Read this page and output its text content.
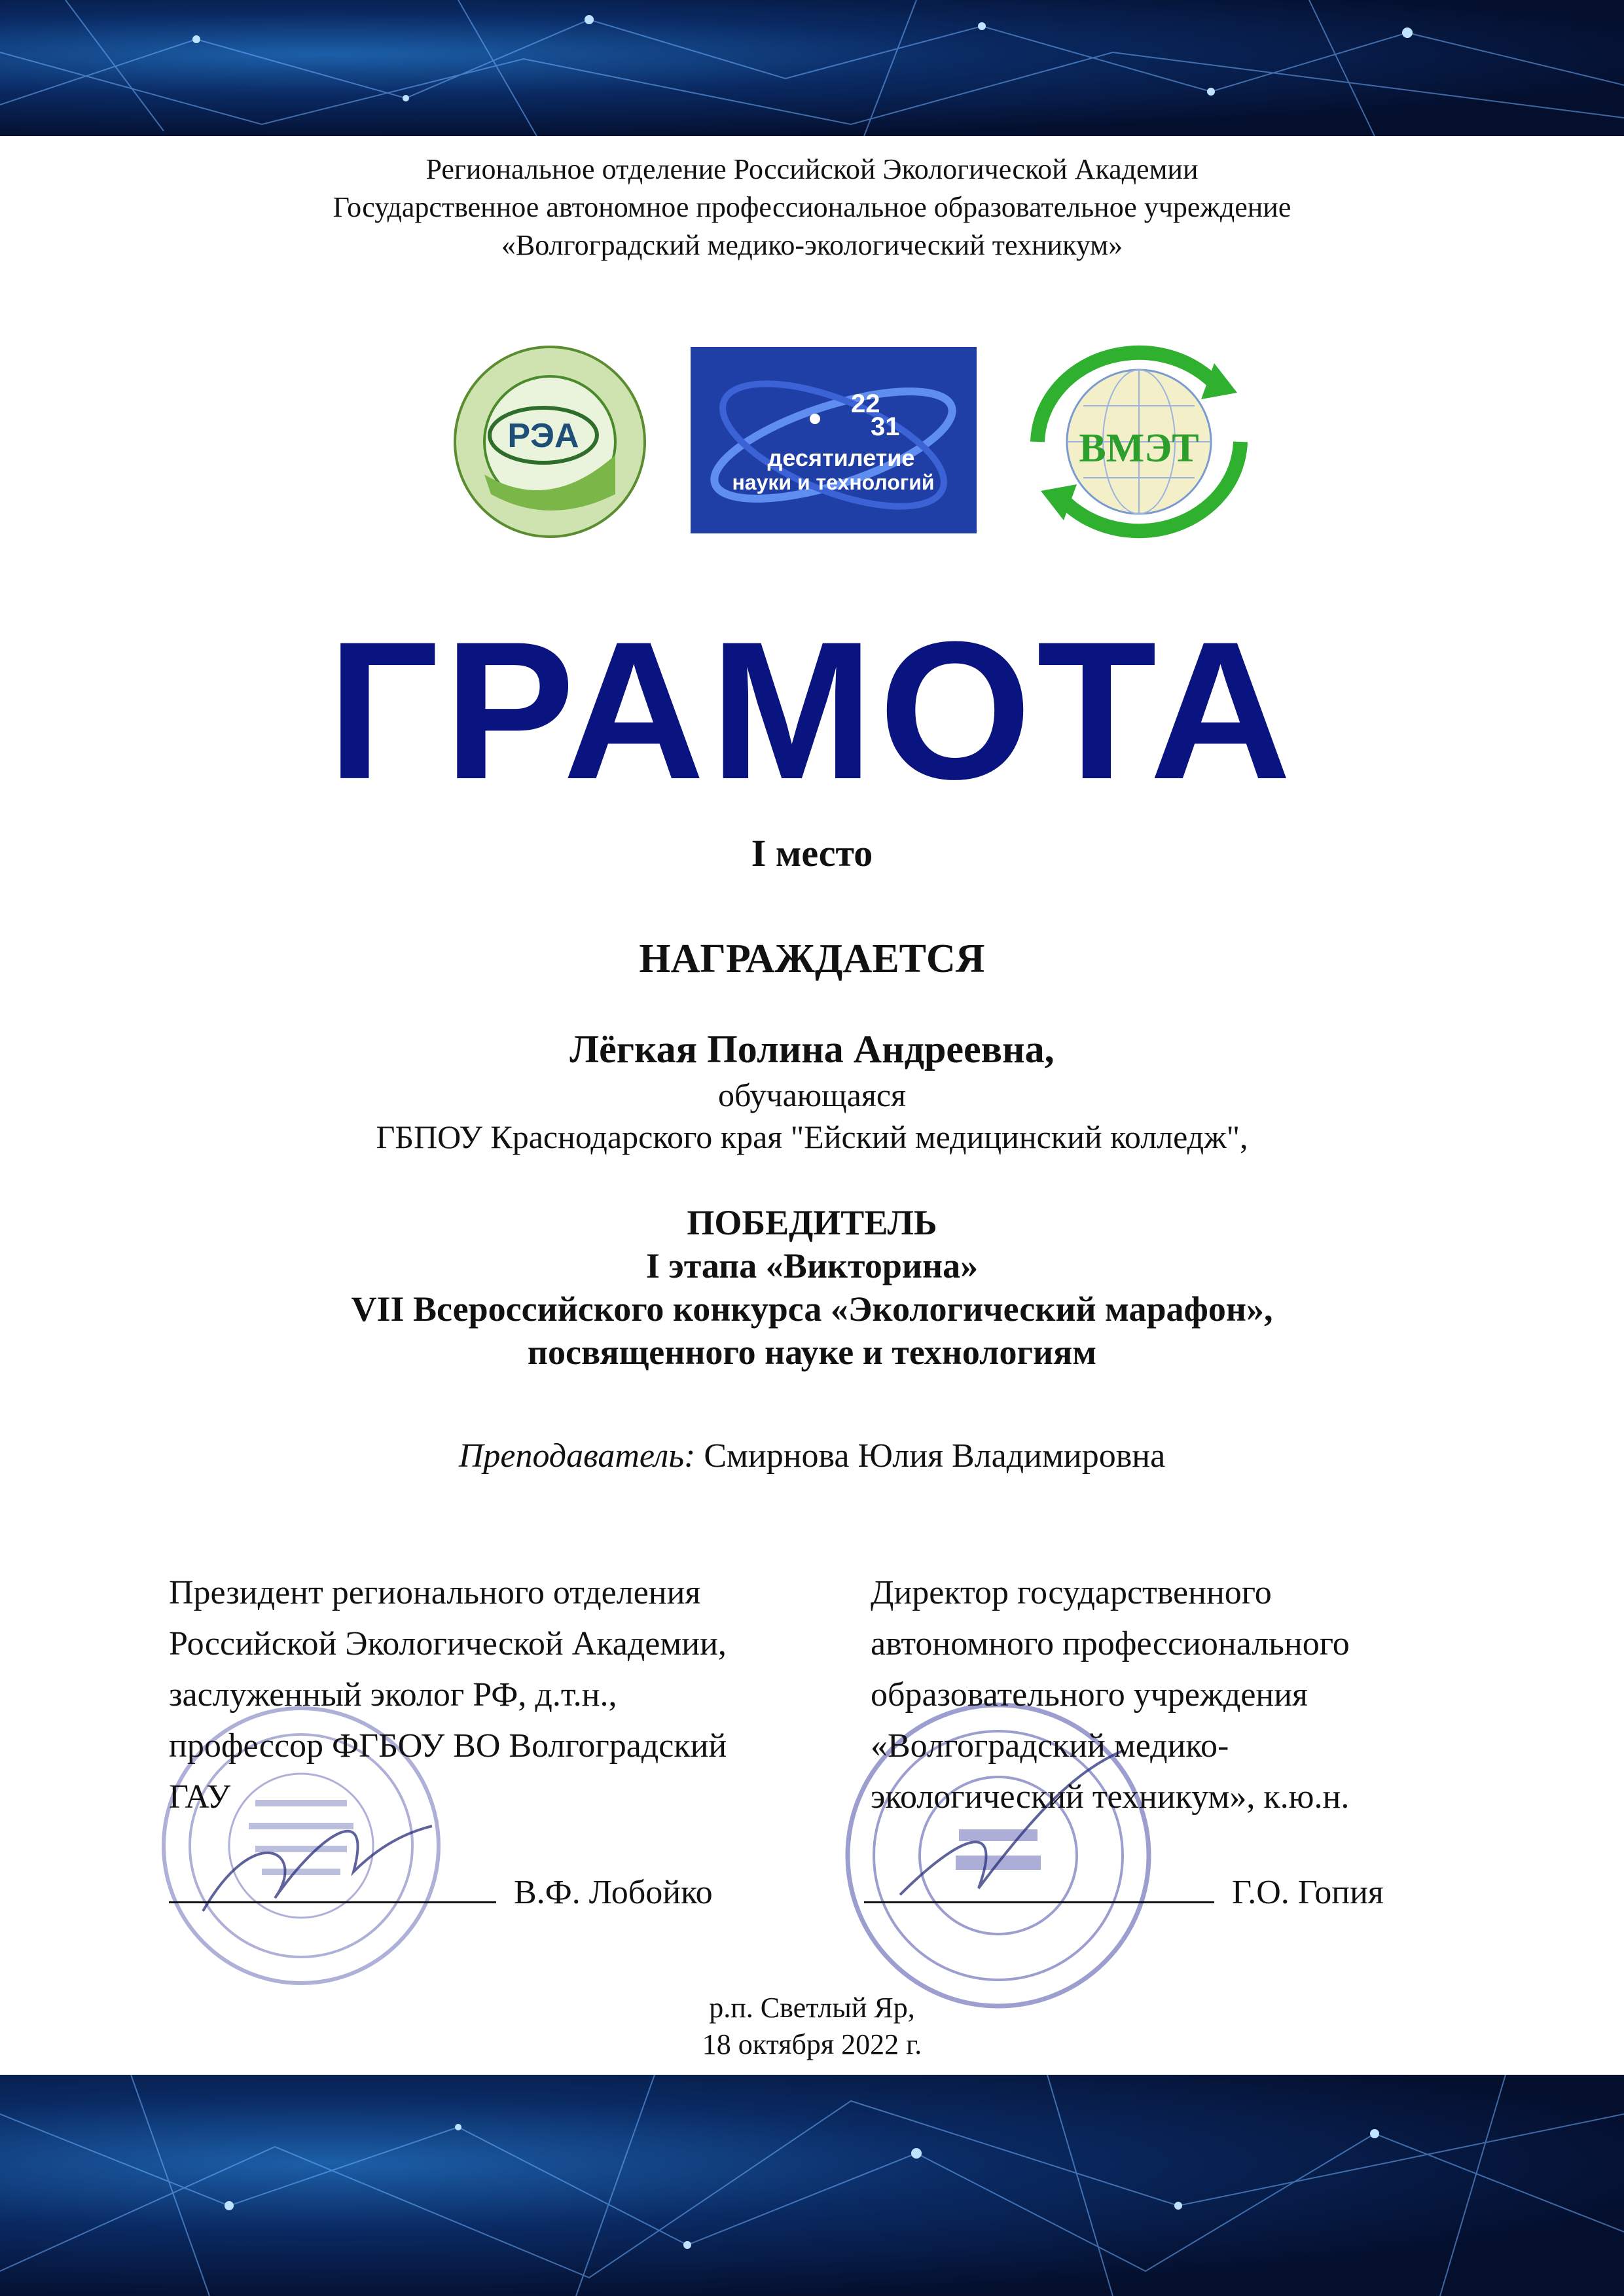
Региональное отделение Российской Экологической Академии
Государственное автономное профессиональное образовательное учреждение
«Волгоградский медико-экологический техникум»
РЭА
22
31
десятилетие
науки и технологий
ВМЭТ
ГРАМОТА
I место
НАГРАЖДАЕТСЯ
Лёгкая Полина Андреевна,
обучающаяся
ГБПОУ Краснодарского края "Ейский медицинский колледж",
ПОБЕДИТЕЛЬ
I этапа «Викторина»
VII Всероссийского конкурса «Экологический марафон»,
посвященного науке и технологиям
Преподаватель: Смирнова Юлия Владимировна
Президент регионального отделения
Российской Экологической Академии,
заслуженный эколог РФ, д.т.н.,
профессор ФГБОУ ВО Волгоградский
ГАУ
В.Ф. Лобойко
Директор государственного
автономного профессионального
образовательного учреждения
«Волгоградский медико-
экологический техникум», к.ю.н.
Г.О. Гопия
р.п. Светлый Яр,
18 октября 2022 г.
